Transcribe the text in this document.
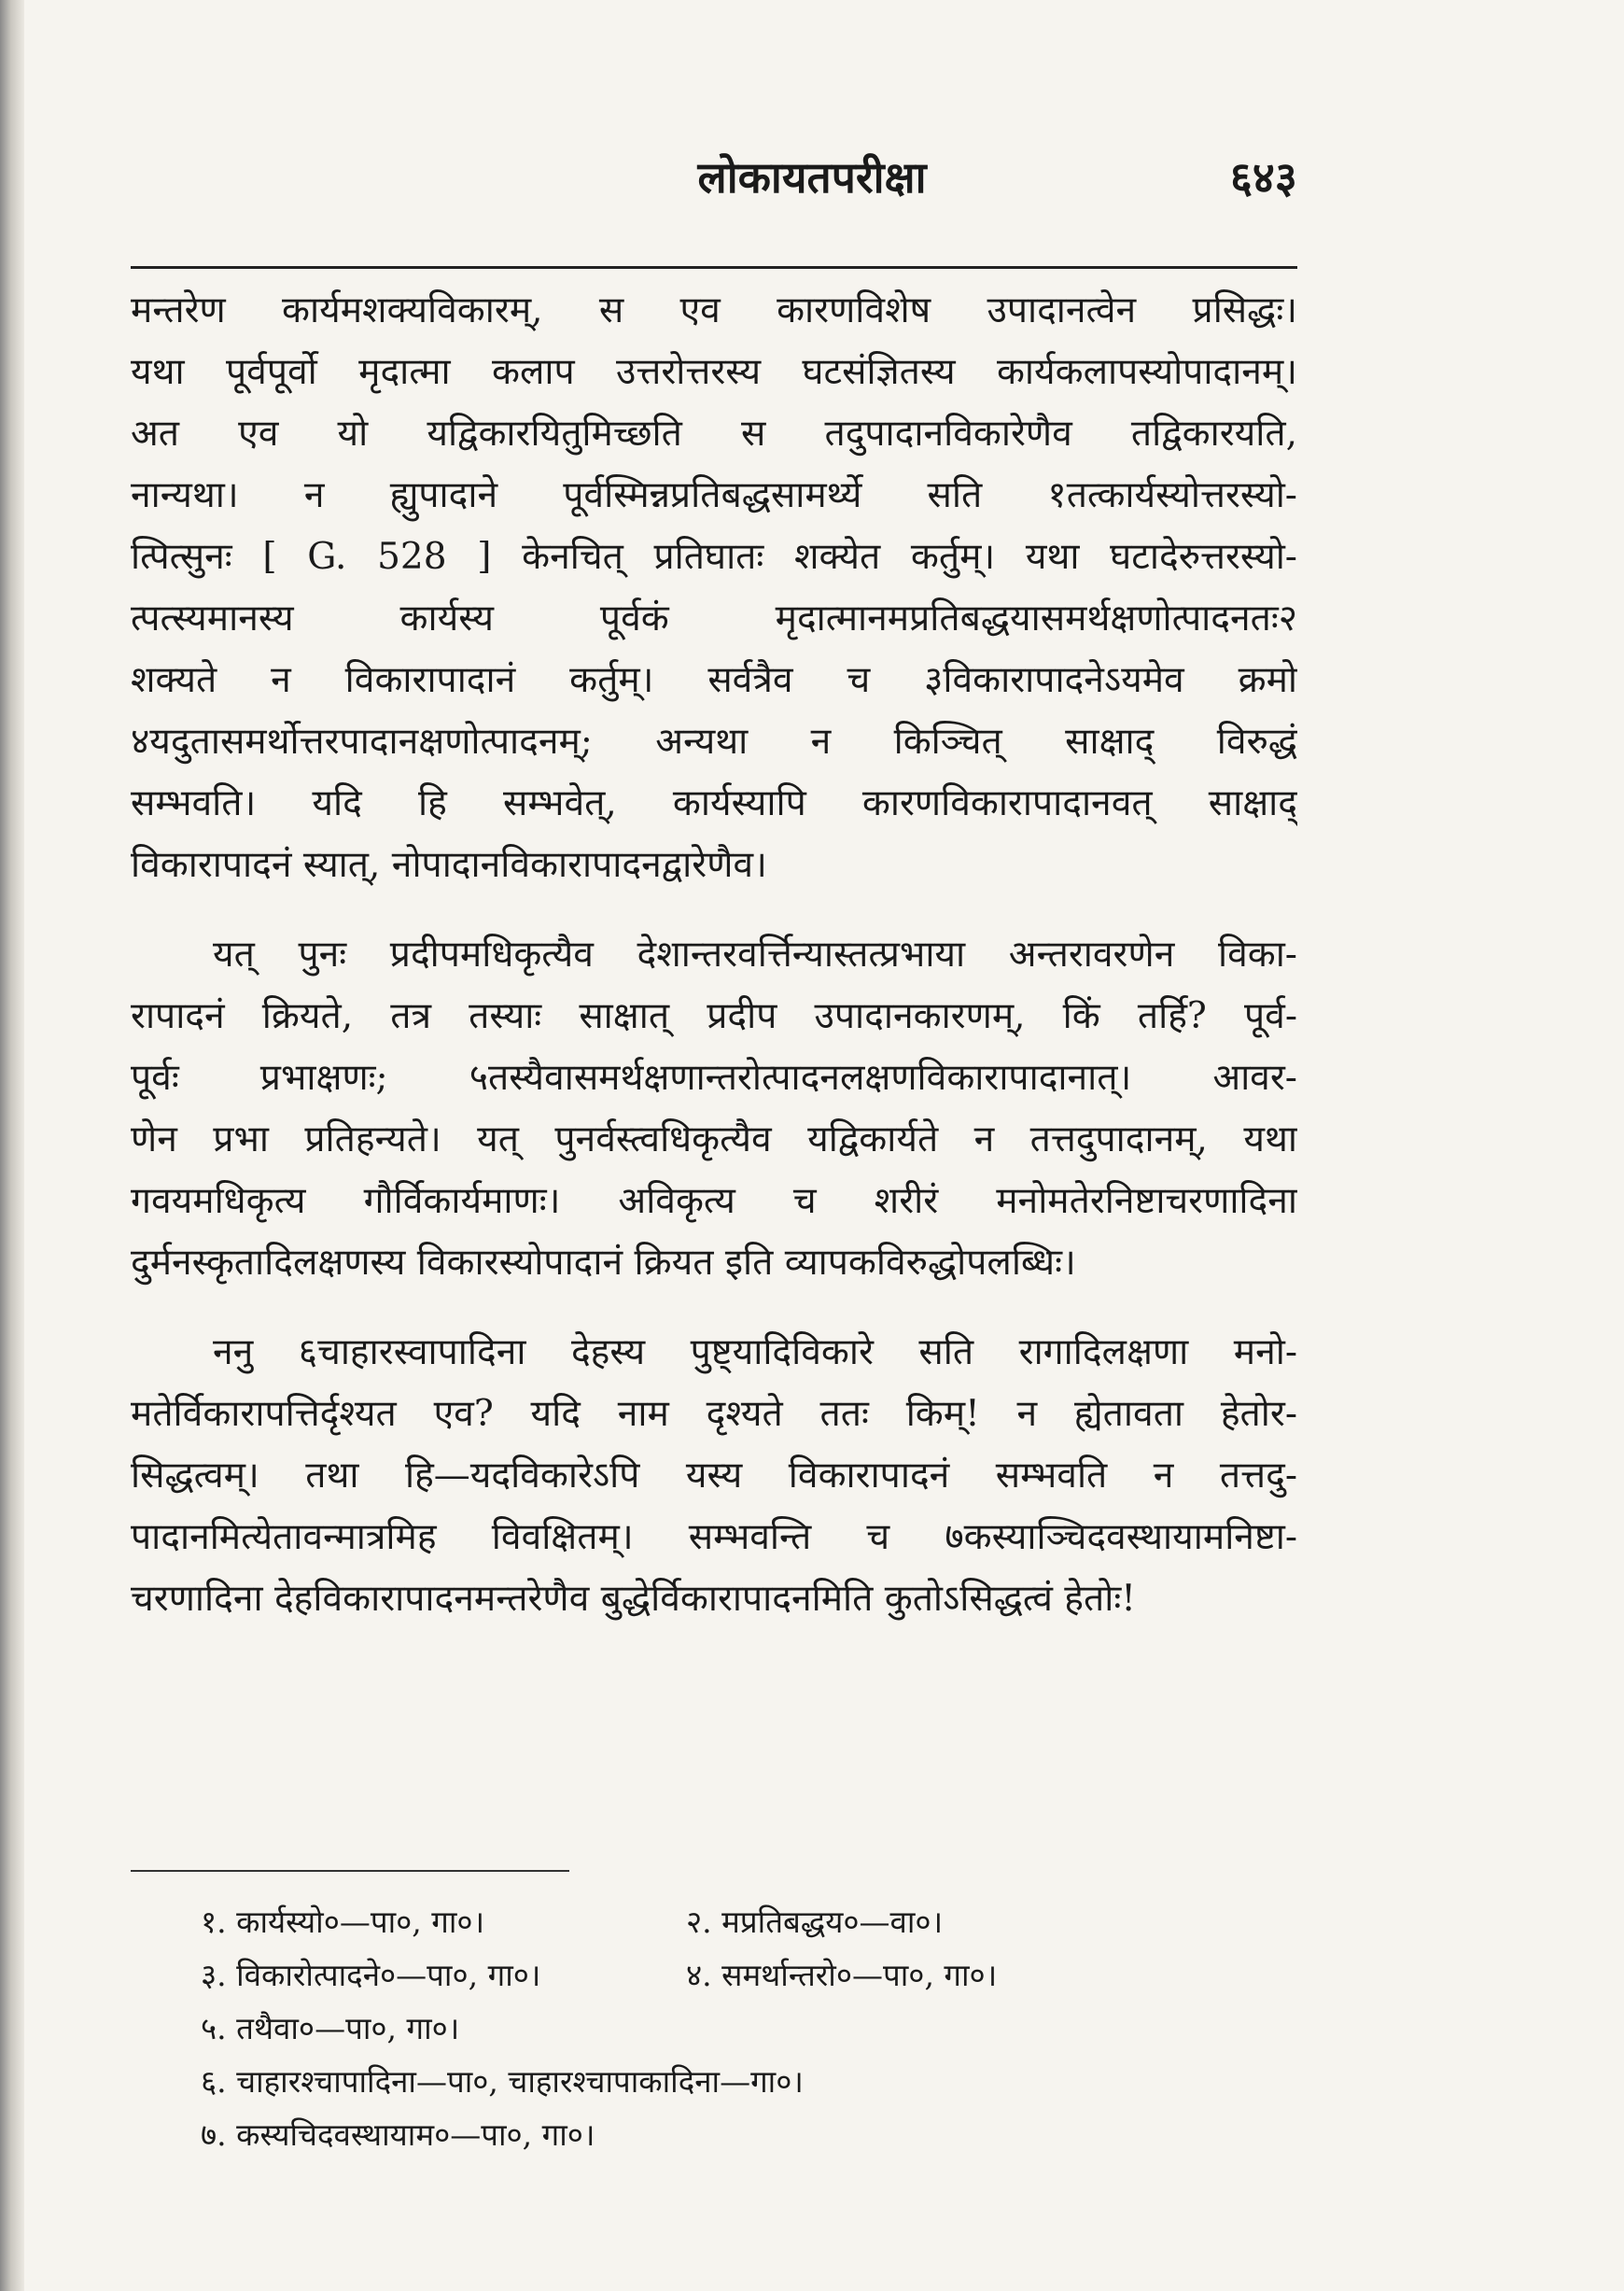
लोकायतपरीक्षा	६४३
मन्तरेण कार्यमशक्यविकारम्, स एव कारणविशेष उपादानत्वेन प्रसिद्धः।
यथा पूर्वपूर्वो मृदात्मा कलाप उत्तरोत्तरस्य घटसंज्ञितस्य कार्यकलापस्योपादानम्।
अत एव यो यद्विकारयितुमिच्छति स तदुपादानविकारेणैव तद्विकारयति,
नान्यथा। न ह्युपादाने पूर्वस्मिन्नप्रतिबद्धसामर्थ्ये सति १तत्कार्यस्योत्तरस्यो-
त्पित्सुनः [ G. 528 ] केनचित् प्रतिघातः शक्येत कर्तुम्। यथा घटादेरुत्तरस्यो-
त्पत्स्यमानस्य कार्यस्य पूर्वकं मृदात्मानमप्रतिबद्धयासमर्थक्षणोत्पादनतः२
शक्यते न विकारापादानं कर्तुम्। सर्वत्रैव च ३विकारापादनेऽयमेव क्रमो
४यदुतासमर्थोत्तरपादानक्षणोत्पादनम्; अन्यथा न किञ्चित् साक्षाद् विरुद्धं
सम्भवति। यदि हि सम्भवेत्, कार्यस्यापि कारणविकारापादानवत् साक्षाद्
विकारापादनं स्यात्, नोपादानविकारापादनद्वारेणैव।
यत् पुनः प्रदीपमधिकृत्यैव देशान्तरवर्त्तिन्यास्तत्प्रभाया अन्तरावरणेन विका-
रापादनं क्रियते, तत्र तस्याः साक्षात् प्रदीप उपादानकारणम्, किं तर्हि? पूर्व-
पूर्वः प्रभाक्षणः; ५तस्यैवासमर्थक्षणान्तरोत्पादनलक्षणविकारापादानात्। आवर-
णेन प्रभा प्रतिहन्यते। यत् पुनर्वस्त्वधिकृत्यैव यद्विकार्यते न तत्तदुपादानम्, यथा
गवयमधिकृत्य गौर्विकार्यमाणः। अविकृत्य च शरीरं मनोमतेरनिष्टाचरणादिना
दुर्मनस्कृतादिलक्षणस्य विकारस्योपादानं क्रियत इति व्यापकविरुद्धोपलब्धिः।
ननु ६चाहारस्वापादिना देहस्य पुष्ट्यादिविकारे सति रागादिलक्षणा मनो-
मतेर्विकारापत्तिर्दृश्यत एव? यदि नाम दृश्यते ततः किम्! न ह्येतावता हेतोर-
सिद्धत्वम्। तथा हि—यदविकारेऽपि यस्य विकारापादनं सम्भवति न तत्तदु-
पादानमित्येतावन्मात्रमिह विवक्षितम्। सम्भवन्ति च ७कस्याञ्चिदवस्थायामनिष्टा-
चरणादिना देहविकारापादनमन्तरेणैव बुद्धेर्विकारापादनमिति कुतोऽसिद्धत्वं हेतोः!
१. कार्यस्यो०—पा०, गा०।	२. मप्रतिबद्धय०—वा०।
३. विकारोत्पादने०—पा०, गा०।	४. समर्थान्तरो०—पा०, गा०।
५. तथैवा०—पा०, गा०।
६. चाहारश्चापादिना—पा०, चाहारश्चापाकादिना—गा०।
७. कस्यचिदवस्थायाम०—पा०, गा०।
